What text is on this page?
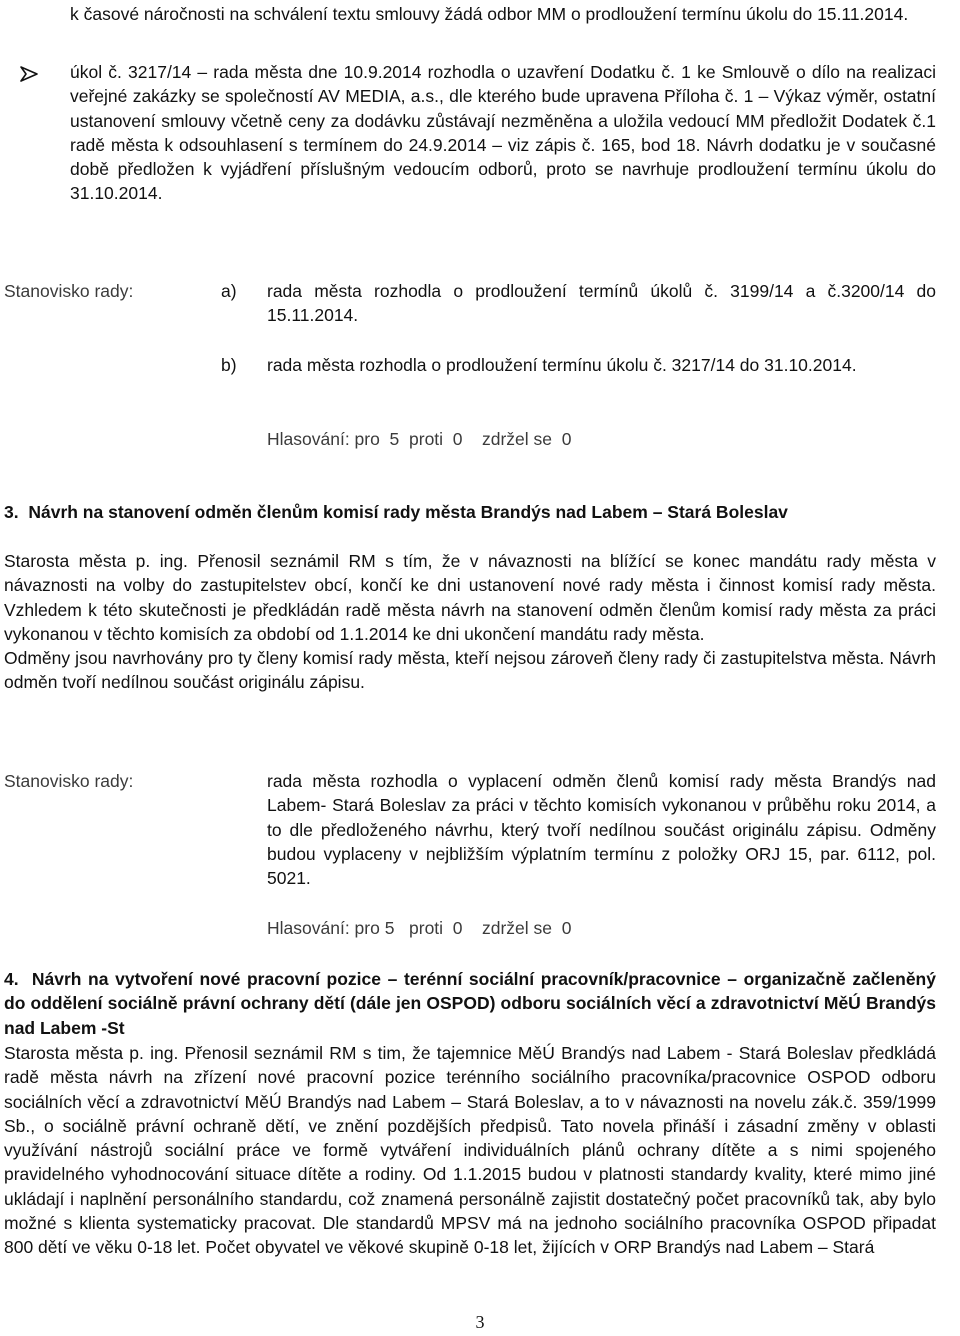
k časové náročnosti na schválení textu smlouvy žádá odbor MM o prodloužení termínu úkolu do 15.11.2014.

úkol č. 3217/14 – rada města dne 10.9.2014 rozhodla o uzavření Dodatku č. 1 ke Smlouvě o dílo na realizaci veřejné zakázky se společností AV MEDIA, a.s., dle kterého bude upravena Příloha č. 1 – Výkaz výměr, ostatní ustanovení smlouvy včetně ceny za dodávku zůstávají nezměněna a uložila vedoucí MM předložit Dodatek č.1 radě města k odsouhlasení s termínem do 24.9.2014 – viz zápis č. 165, bod 18. Návrh dodatku je v současné době předložen k vyjádření příslušným vedoucím odborů, proto se navrhuje prodloužení termínu úkolu do 31.10.2014.

Stanovisko rady:	a) rada města rozhodla o prodloužení termínů úkolů č. 3199/14 a č.3200/14 do 15.11.2014.

b) rada města rozhodla o prodloužení termínu úkolu č. 3217/14 do 31.10.2014.

Hlasování: pro  5  proti  0    zdržel se  0

3. Návrh na stanovení odměn členům komisí rady města Brandýs nad Labem – Stará Boleslav

Starosta města p. ing. Přenosil seznámil RM s tím, že v návaznosti na blížící se konec mandátu rady města v návaznosti na volby do zastupitelstev obcí, končí ke dni ustanovení nové rady města i činnost komisí rady města. Vzhledem k této skutečnosti je předkládán radě města návrh na stanovení odměn členům komisí rady města za práci vykonanou v těchto komisích za období od 1.1.2014 ke dni ukončení mandátu rady města.

Odměny jsou navrhovány pro ty členy komisí rady města, kteří nejsou zároveň členy rady či zastupitelstva města. Návrh odměn tvoří nedílnou součást originálu zápisu.

Stanovisko rady:	rada města rozhodla o vyplacení odměn členů komisí rady města Brandýs nad Labem- Stará Boleslav za práci v těchto komisích vykonanou v průběhu roku 2014, a to dle předloženého návrhu, který tvoří nedílnou součást originálu zápisu. Odměny budou vyplaceny v nejbližším výplatním termínu z položky ORJ 15, par. 6112, pol. 5021.

Hlasování: pro 5   proti  0    zdržel se  0

4. Návrh na vytvoření nové pracovní pozice – terénní sociální pracovník/pracovnice – organizačně začleněný do oddělení sociálně právní ochrany dětí (dále jen OSPOD) odboru sociálních věcí a zdravotnictví MěÚ Brandýs nad Labem -St

Starosta města p. ing. Přenosil seznámil RM s tim, že tajemnice MěÚ Brandýs nad Labem - Stará Boleslav předkládá radě města návrh na zřízení nové pracovní pozice terénního sociálního pracovníka/pracovnice OSPOD odboru sociálních věcí a zdravotnictví MěÚ Brandýs nad Labem – Stará Boleslav, a to v návaznosti na novelu zák.č. 359/1999 Sb., o sociálně právní ochraně dětí, ve znění pozdějších předpisů. Tato novela přináší i zásadní změny v oblasti využívání nástrojů sociální práce ve formě vytváření individuálních plánů ochrany dítěte a s nimi spojeného pravidelného vyhodnocování situace dítěte a rodiny. Od 1.1.2015 budou v platnosti standardy kvality, které mimo jiné ukládají i naplnění personálního standardu, což znamená personálně zajistit dostatečný počet pracovníků tak, aby bylo možné s klienta systematicky pracovat. Dle standardů MPSV má na jednoho sociálního pracovníka OSPOD připadat 800 dětí ve věku 0-18 let. Počet obyvatel ve věkové skupině 0-18 let, žijících v ORP Brandýs nad Labem – Stará

3
